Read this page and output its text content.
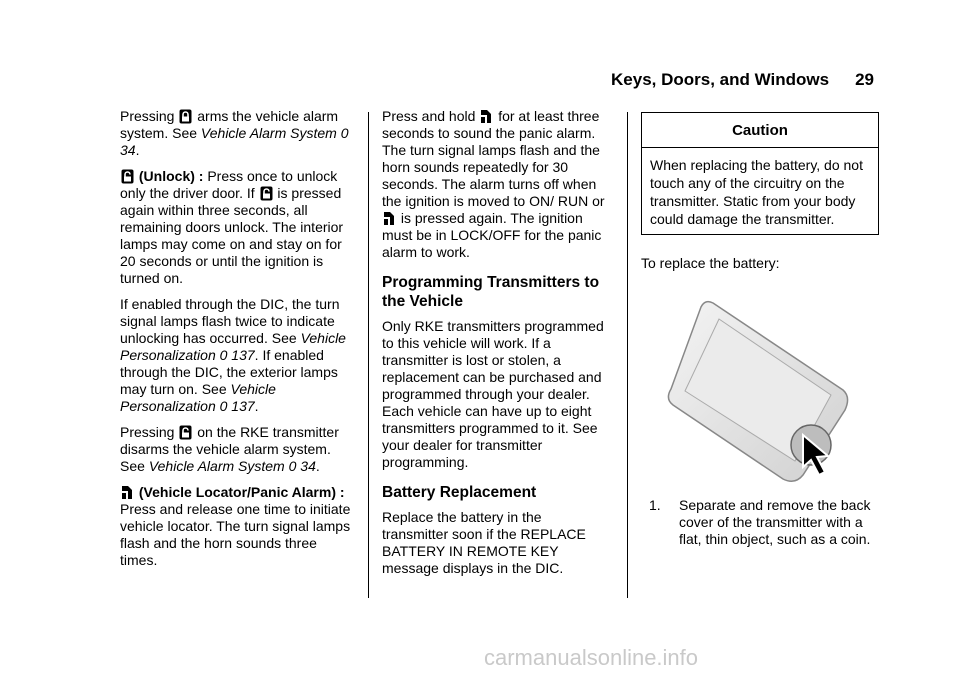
Keys, Doors, and Windows 29

Pressing arms the vehicle alarm system. See Vehicle Alarm System 0 34.

(Unlock) : Press once to unlock only the driver door. If is pressed again within three seconds, all remaining doors unlock. The interior lamps may come on and stay on for 20 seconds or until the ignition is turned on.

If enabled through the DIC, the turn signal lamps flash twice to indicate unlocking has occurred. See Vehicle Personalization 0 137. If enabled through the DIC, the exterior lamps may turn on. See Vehicle Personalization 0 137.

Pressing on the RKE transmitter disarms the vehicle alarm system. See Vehicle Alarm System 0 34.

(Vehicle Locator/Panic Alarm) : Press and release one time to initiate vehicle locator. The turn signal lamps flash and the horn sounds three times.

Press and hold for at least three seconds to sound the panic alarm. The turn signal lamps flash and the horn sounds repeatedly for 30 seconds. The alarm turns off when the ignition is moved to ON/ RUN or  is pressed again. The ignition must be in LOCK/OFF for the panic alarm to work.

Programming Transmitters to the Vehicle

Only RKE transmitters programmed to this vehicle will work. If a transmitter is lost or stolen, a replacement can be purchased and programmed through your dealer. Each vehicle can have up to eight transmitters programmed to it. See your dealer for transmitter programming.

Battery Replacement

Replace the battery in the transmitter soon if the REPLACE BATTERY IN REMOTE KEY message displays in the DIC.

Caution
When replacing the battery, do not touch any of the circuitry on the transmitter. Static from your body could damage the transmitter.

To replace the battery:

1.	Separate and remove the back cover of the transmitter with a flat, thin object, such as a coin.
carmanualsonline.info
